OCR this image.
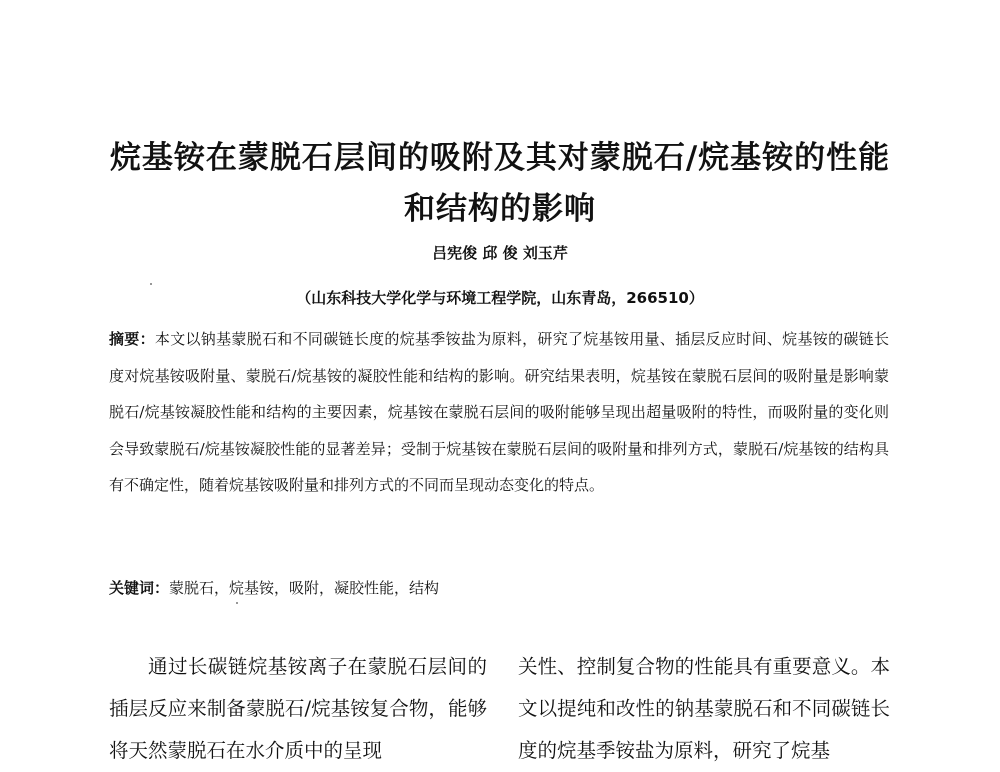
烷基铵在蒙脱石层间的吸附及其对蒙脱石/烷基铵的性能
和结构的影响
吕宪俊 邱 俊 刘玉芹
（山东科技大学化学与环境工程学院，山东青岛，266510）
摘要：本文以钠基蒙脱石和不同碳链长度的烷基季铵盐为原料，研究了烷基铵用量、插层反应时间、烷基铵的碳链长度对烷基铵吸附量、蒙脱石/烷基铵的凝胶性能和结构的影响。研究结果表明，烷基铵在蒙脱石层间的吸附量是影响蒙脱石/烷基铵凝胶性能和结构的主要因素，烷基铵在蒙脱石层间的吸附能够呈现出超量吸附的特性，而吸附量的变化则会导致蒙脱石/烷基铵凝胶性能的显著差异；受制于烷基铵在蒙脱石层间的吸附量和排列方式，蒙脱石/烷基铵的结构具有不确定性，随着烷基铵吸附量和排列方式的不同而呈现动态变化的特点。
关键词：蒙脱石，烷基铵，吸附，凝胶性能，结构
通过长碳链烷基铵离子在蒙脱石层间的插层反应来制备蒙脱石/烷基铵复合物，能够将天然蒙脱石在水介质中的呈现
关性、控制复合物的性能具有重要意义。本文以提纯和改性的钠基蒙脱石和不同碳链长度的烷基季铵盐为原料，研究了烷基
